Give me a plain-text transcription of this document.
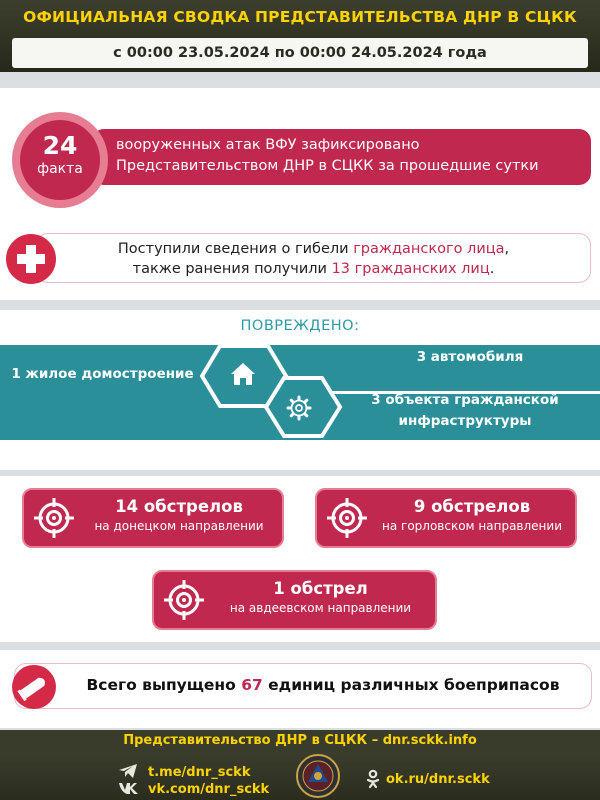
ОФИЦИАЛЬНАЯ СВОДКА ПРЕДСТАВИТЕЛЬСТВА ДНР В СЦКК
с 00:00 23.05.2024 по 00:00 24.05.2024 года
вооруженных атак ВФУ зафиксировано
Представительством ДНР в СЦКК за прошедшие сутки
24
факта
Поступили сведения о гибели гражданского лица,
также ранения получили 13 гражданских лиц.
ПОВРЕЖДЕНО:
1 жилое домостроение
3 автомобиля
3 объекта гражданской
инфраструктуры
14 обстрелов
на донецком направлении
9 обстрелов
на горловском направлении
1 обстрел
на авдеевском направлении
Всего выпущено 67 единиц различных боеприпасов
Представительство ДНР в СЦКК – dnr.sckk.info
t.me/dnr_sckk
vk.com/dnr_sckk
ok.ru/dnr.sckk
